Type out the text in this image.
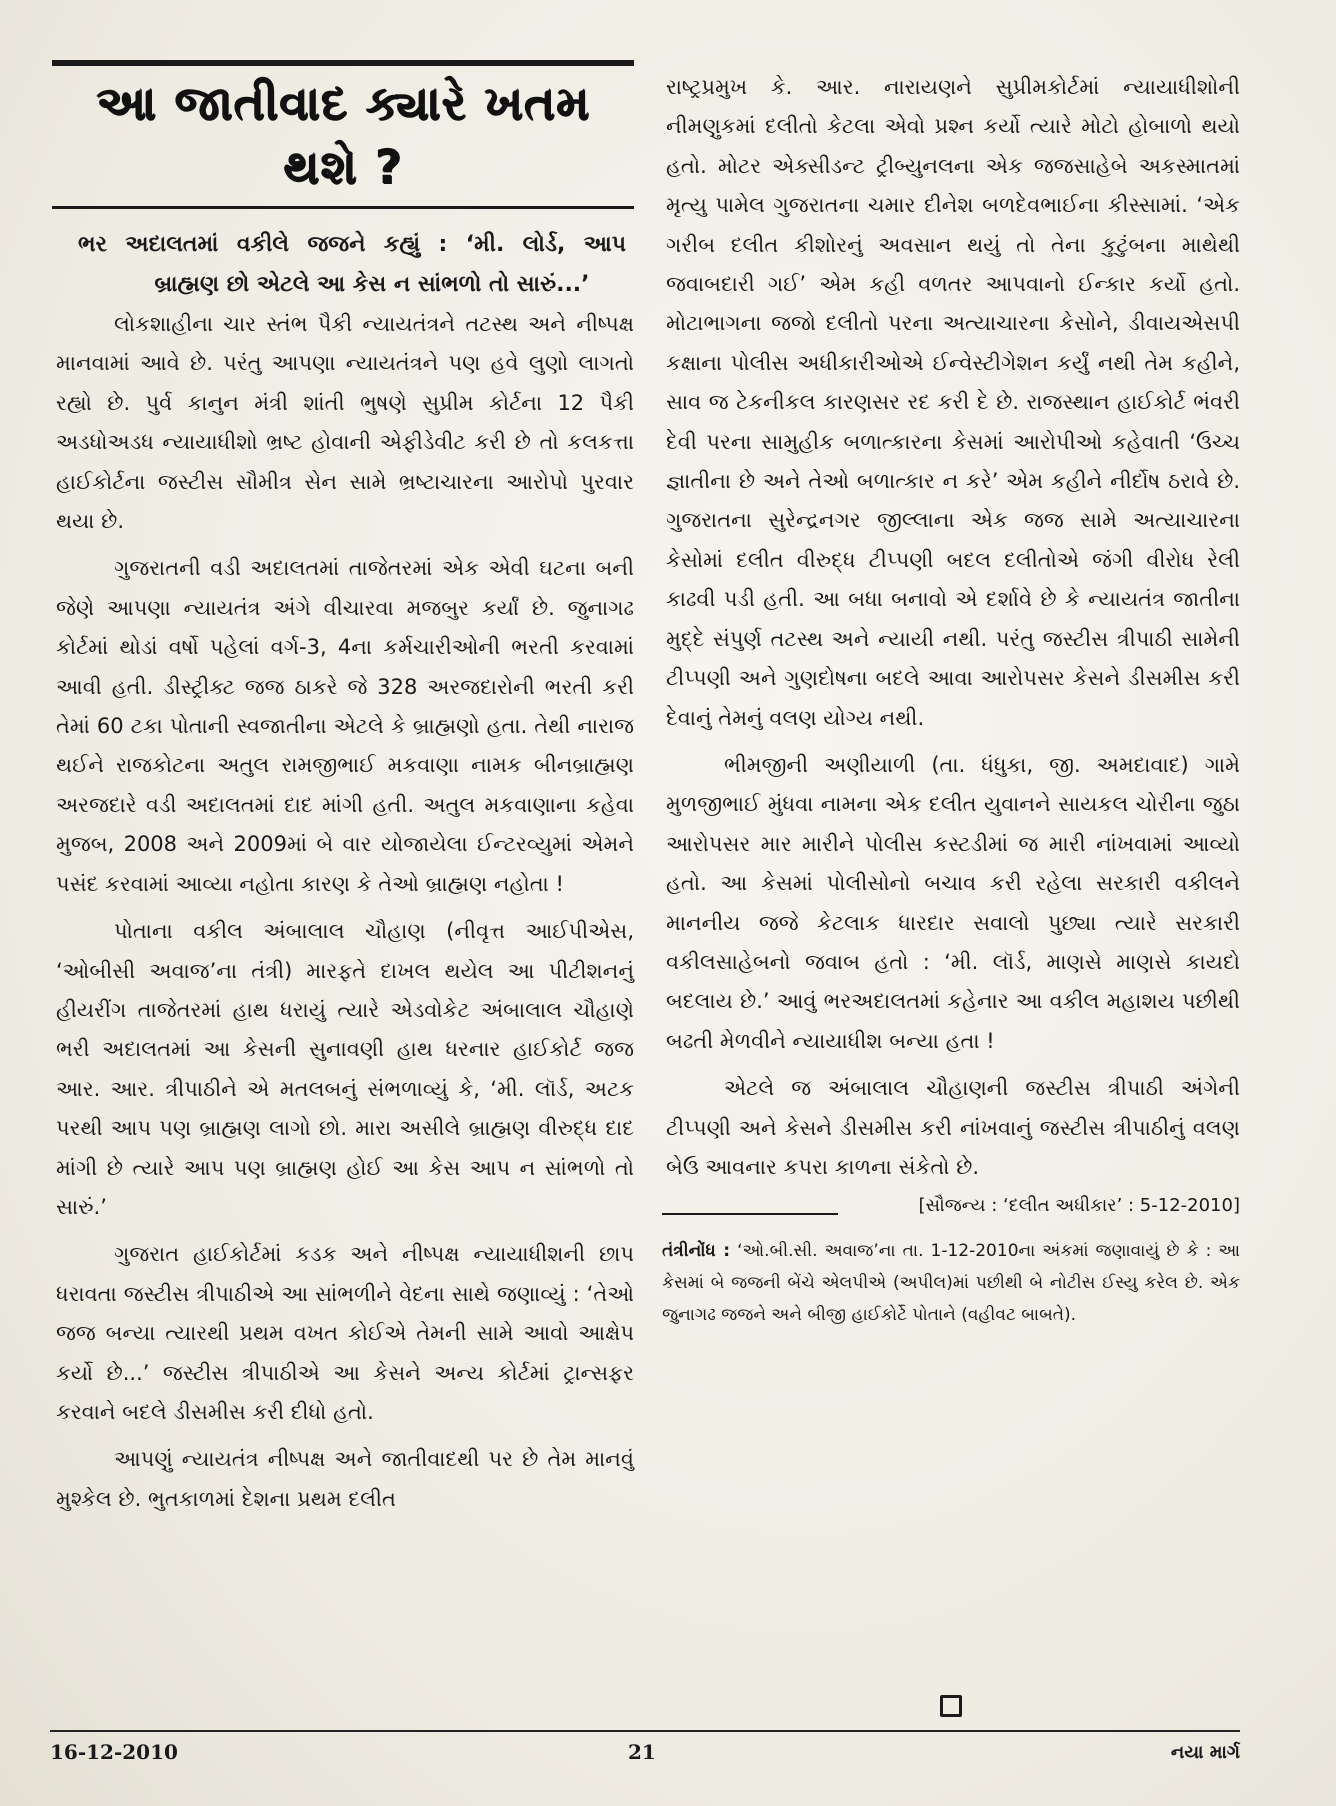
આ જાતીવાદ ક્યારે ખતમ થશે ?

ભર અદાલતમાં વકીલે જજને કહ્યું : ‘મી. લોર્ડ, આપ

બ્રાહ્મણ છો એટલે આ કેસ ન સાંભળો તો સારું...’

લોકશાહીના ચાર સ્તંભ પૈકી ન્યાયતંત્રને તટસ્થ અને નીષ્પક્ષ માનવામાં આવે છે. પરંતુ આપણા ન્યાયતંત્રને પણ હવે લુણો લાગતો રહ્યો છે. પુર્વ કાનુન મંત્રી શાંતી ભુષણે સુપ્રીમ કોર્ટના 12 પૈકી અડધોઅડધ ન્યાયાધીશો ભ્રષ્ટ હોવાની એફીડેવીટ કરી છે તો કલકત્તા હાઈકોર્ટના જસ્ટીસ સૌમીત્ર સેન સામે ભ્રષ્ટાચારના આરોપો પુરવાર થયા છે.

ગુજરાતની વડી અદાલતમાં તાજેતરમાં એક એવી ઘટના બની જેણે આપણા ન્યાયતંત્ર અંગે વીચારવા મજબુર કર્યાં છે. જુનાગઢ કોર્ટમાં થોડાં વર્ષો પહેલાં વર્ગ-3, 4ના કર્મચારીઓની ભરતી કરવામાં આવી હતી. ડીસ્ટ્રીક્ટ જજ ઠાકરે જે 328 અરજદારોની ભરતી કરી તેમાં 60 ટકા પોતાની સ્વજાતીના એટલે કે બ્રાહ્મણો હતા. તેથી નારાજ થઈને રાજકોટના અતુલ રામજીભાઈ મકવાણા નામક બીનબ્રાહ્મણ અરજદારે વડી અદાલતમાં દાદ માંગી હતી. અતુલ મકવાણાના કહેવા મુજબ, 2008 અને 2009માં બે વાર યોજાયેલા ઈન્ટરવ્યુમાં એમને પસંદ કરવામાં આવ્યા નહોતા કારણ કે તેઓ બ્રાહ્મણ નહોતા !

પોતાના વકીલ અંબાલાલ ચૌહાણ (નીવૃત્ત આઈપીએસ, ‘ઓબીસી અવાજ’ના તંત્રી) મારફતે દાખલ થયેલ આ પીટીશનનું હીયરીંગ તાજેતરમાં હાથ ધરાયું ત્યારે એડવોકેટ અંબાલાલ ચૌહાણે ભરી અદાલતમાં આ કેસની સુનાવણી હાથ ધરનાર હાઈકોર્ટ જજ આર. આર. ત્રીપાઠીને એ મતલબનું સંભળાવ્યું કે, ‘મી. લૉર્ડ, અટક પરથી આપ પણ બ્રાહ્મણ લાગો છો. મારા અસીલે બ્રાહ્મણ વીરુદ્ધ દાદ માંગી છે ત્યારે આપ પણ બ્રાહ્મણ હોઈ આ કેસ આપ ન સાંભળો તો સારું.’

ગુજરાત હાઈકોર્ટમાં કડક અને નીષ્પક્ષ ન્યાયાધીશની છાપ ધરાવતા જસ્ટીસ ત્રીપાઠીએ આ સાંભળીને વેદના સાથે જણાવ્યું : ‘તેઓ જજ બન્યા ત્યારથી પ્રથમ વખત કોઈએ તેમની સામે આવો આક્ષેપ કર્યો છે...’ જસ્ટીસ ત્રીપાઠીએ આ કેસને અન્ય કોર્ટમાં ટ્રાન્સફર કરવાને બદલે ડીસમીસ કરી દીધો હતો.

આપણું ન્યાયતંત્ર નીષ્પક્ષ અને જાતીવાદથી પર છે તેમ માનવું મુશ્કેલ છે. ભુતકાળમાં દેશના પ્રથમ દલીત

રાષ્ટ્રપ્રમુખ કે. આર. નારાયણને સુપ્રીમકોર્ટમાં ન્યાયાધીશોની નીમણુકમાં દલીતો કેટલા એવો પ્રશ્ન કર્યો ત્યારે મોટો હોબાળો થયો હતો. મોટર એક્સીડન્ટ ટ્રીબ્યુનલના એક જજસાહેબે અકસ્માતમાં મૃત્યુ પામેલ ગુજરાતના ચમાર દીનેશ બળદેવભાઈના કીસ્સામાં. ‘એક ગરીબ દલીત કીશોરનું અવસાન થયું તો તેના કુટુંબના માથેથી જવાબદારી ગઈ’ એમ કહી વળતર આપવાનો ઈન્કાર કર્યો હતો. મોટાભાગના જજો દલીતો પરના અત્યાચારના કેસોને, ડીવાયએસપી કક્ષાના પોલીસ અધીકારીઓએ ઈન્વેસ્ટીગેશન કર્યું નથી તેમ કહીને, સાવ જ ટેકનીકલ કારણસર રદ કરી દે છે. રાજસ્થાન હાઈકોર્ટ ભંવરી દેવી પરના સામુહીક બળાત્કારના કેસમાં આરોપીઓ કહેવાતી ‘ઉચ્ચ જ્ઞાતીના છે અને તેઓ બળાત્કાર ન કરે’ એમ કહીને નીર્દોષ ઠરાવે છે. ગુજરાતના સુરેન્દ્રનગર જીલ્લાના એક જજ સામે અત્યાચારના કેસોમાં દલીત વીરુદ્ધ ટીપ્પણી બદલ દલીતોએ જંગી વીરોધ રેલી કાઢવી પડી હતી. આ બધા બનાવો એ દર્શાવે છે કે ન્યાયતંત્ર જાતીના મુદ્દે સંપુર્ણ તટસ્થ અને ન્યાયી નથી. પરંતુ જસ્ટીસ ત્રીપાઠી સામેની ટીપ્પણી અને ગુણદોષના બદલે આવા આરોપસર કેસને ડીસમીસ કરી દેવાનું તેમનું વલણ યોગ્ય નથી.

ભીમજીની અણીયાળી (તા. ધંધુકા, જી. અમદાવાદ) ગામે મુળજીભાઈ મુંધવા નામના એક દલીત યુવાનને સાયકલ ચોરીના જુઠા આરોપસર માર મારીને પોલીસ કસ્ટડીમાં જ મારી નાંખવામાં આવ્યો હતો. આ કેસમાં પોલીસોનો બચાવ કરી રહેલા સરકારી વકીલને માનનીય જજે કેટલાક ધારદાર સવાલો પુછ્યા ત્યારે સરકારી વકીલસાહેબનો જવાબ હતો : ‘મી. લૉર્ડ, માણસે માણસે કાયદો બદલાય છે.’ આવું ભરઅદાલતમાં કહેનાર આ વકીલ મહાશય પછીથી બઢતી મેળવીને ન્યાયાધીશ બન્યા હતા !

એટલે જ અંબાલાલ ચૌહાણની જસ્ટીસ ત્રીપાઠી અંગેની ટીપ્પણી અને કેસને ડીસમીસ કરી નાંખવાનું જસ્ટીસ ત્રીપાઠીનું વલણ બેઉ આવનાર કપરા કાળના સંકેતો છે.

[સૌજન્ય : ‘દલીત અધીકાર’ : 5-12-2010]
તંત્રીનોંધ : ‘ઓ.બી.સી. અવાજ’ના તા. 1-12-2010ના અંકમાં જણાવાયું છે કે : આ કેસમાં બે જજની બેંચે એલપીએ (અપીલ)માં પછીથી બે નોટીસ ઈસ્યુ કરેલ છે. એક જુનાગઢ જજને અને બીજી હાઈકોર્ટે પોતાને (વહીવટ બાબતે).
16-12-2010	21	નયા માર્ગ
